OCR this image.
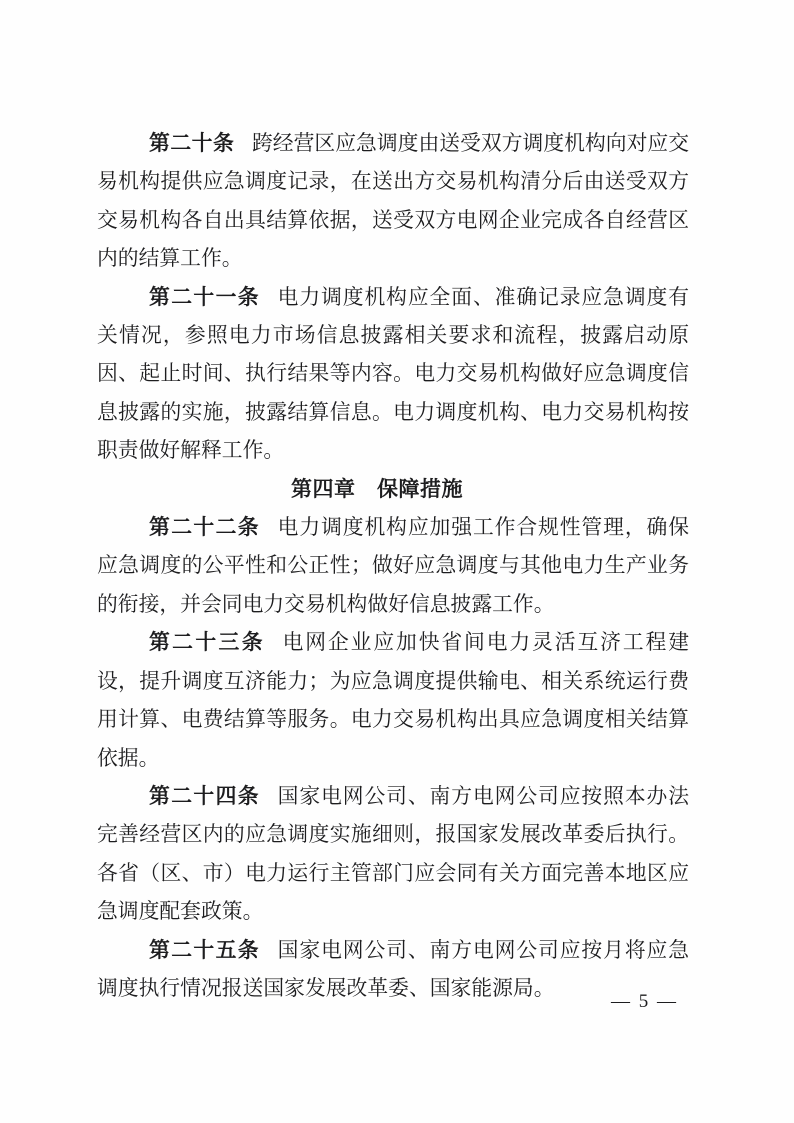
第二十条 跨经营区应急调度由送受双方调度机构向对应交易机构提供应急调度记录，在送出方交易机构清分后由送受双方交易机构各自出具结算依据，送受双方电网企业完成各自经营区内的结算工作。

第二十一条 电力调度机构应全面、准确记录应急调度有关情况，参照电力市场信息披露相关要求和流程，披露启动原因、起止时间、执行结果等内容。电力交易机构做好应急调度信息披露的实施，披露结算信息。电力调度机构、电力交易机构按职责做好解释工作。

第四章　保障措施

第二十二条 电力调度机构应加强工作合规性管理，确保应急调度的公平性和公正性；做好应急调度与其他电力生产业务的衔接，并会同电力交易机构做好信息披露工作。

第二十三条 电网企业应加快省间电力灵活互济工程建设，提升调度互济能力；为应急调度提供输电、相关系统运行费用计算、电费结算等服务。电力交易机构出具应急调度相关结算依据。

第二十四条 国家电网公司、南方电网公司应按照本办法完善经营区内的应急调度实施细则，报国家发展改革委后执行。各省（区、市）电力运行主管部门应会同有关方面完善本地区应急调度配套政策。

第二十五条 国家电网公司、南方电网公司应按月将应急调度执行情况报送国家发展改革委、国家能源局。

— 5 —
